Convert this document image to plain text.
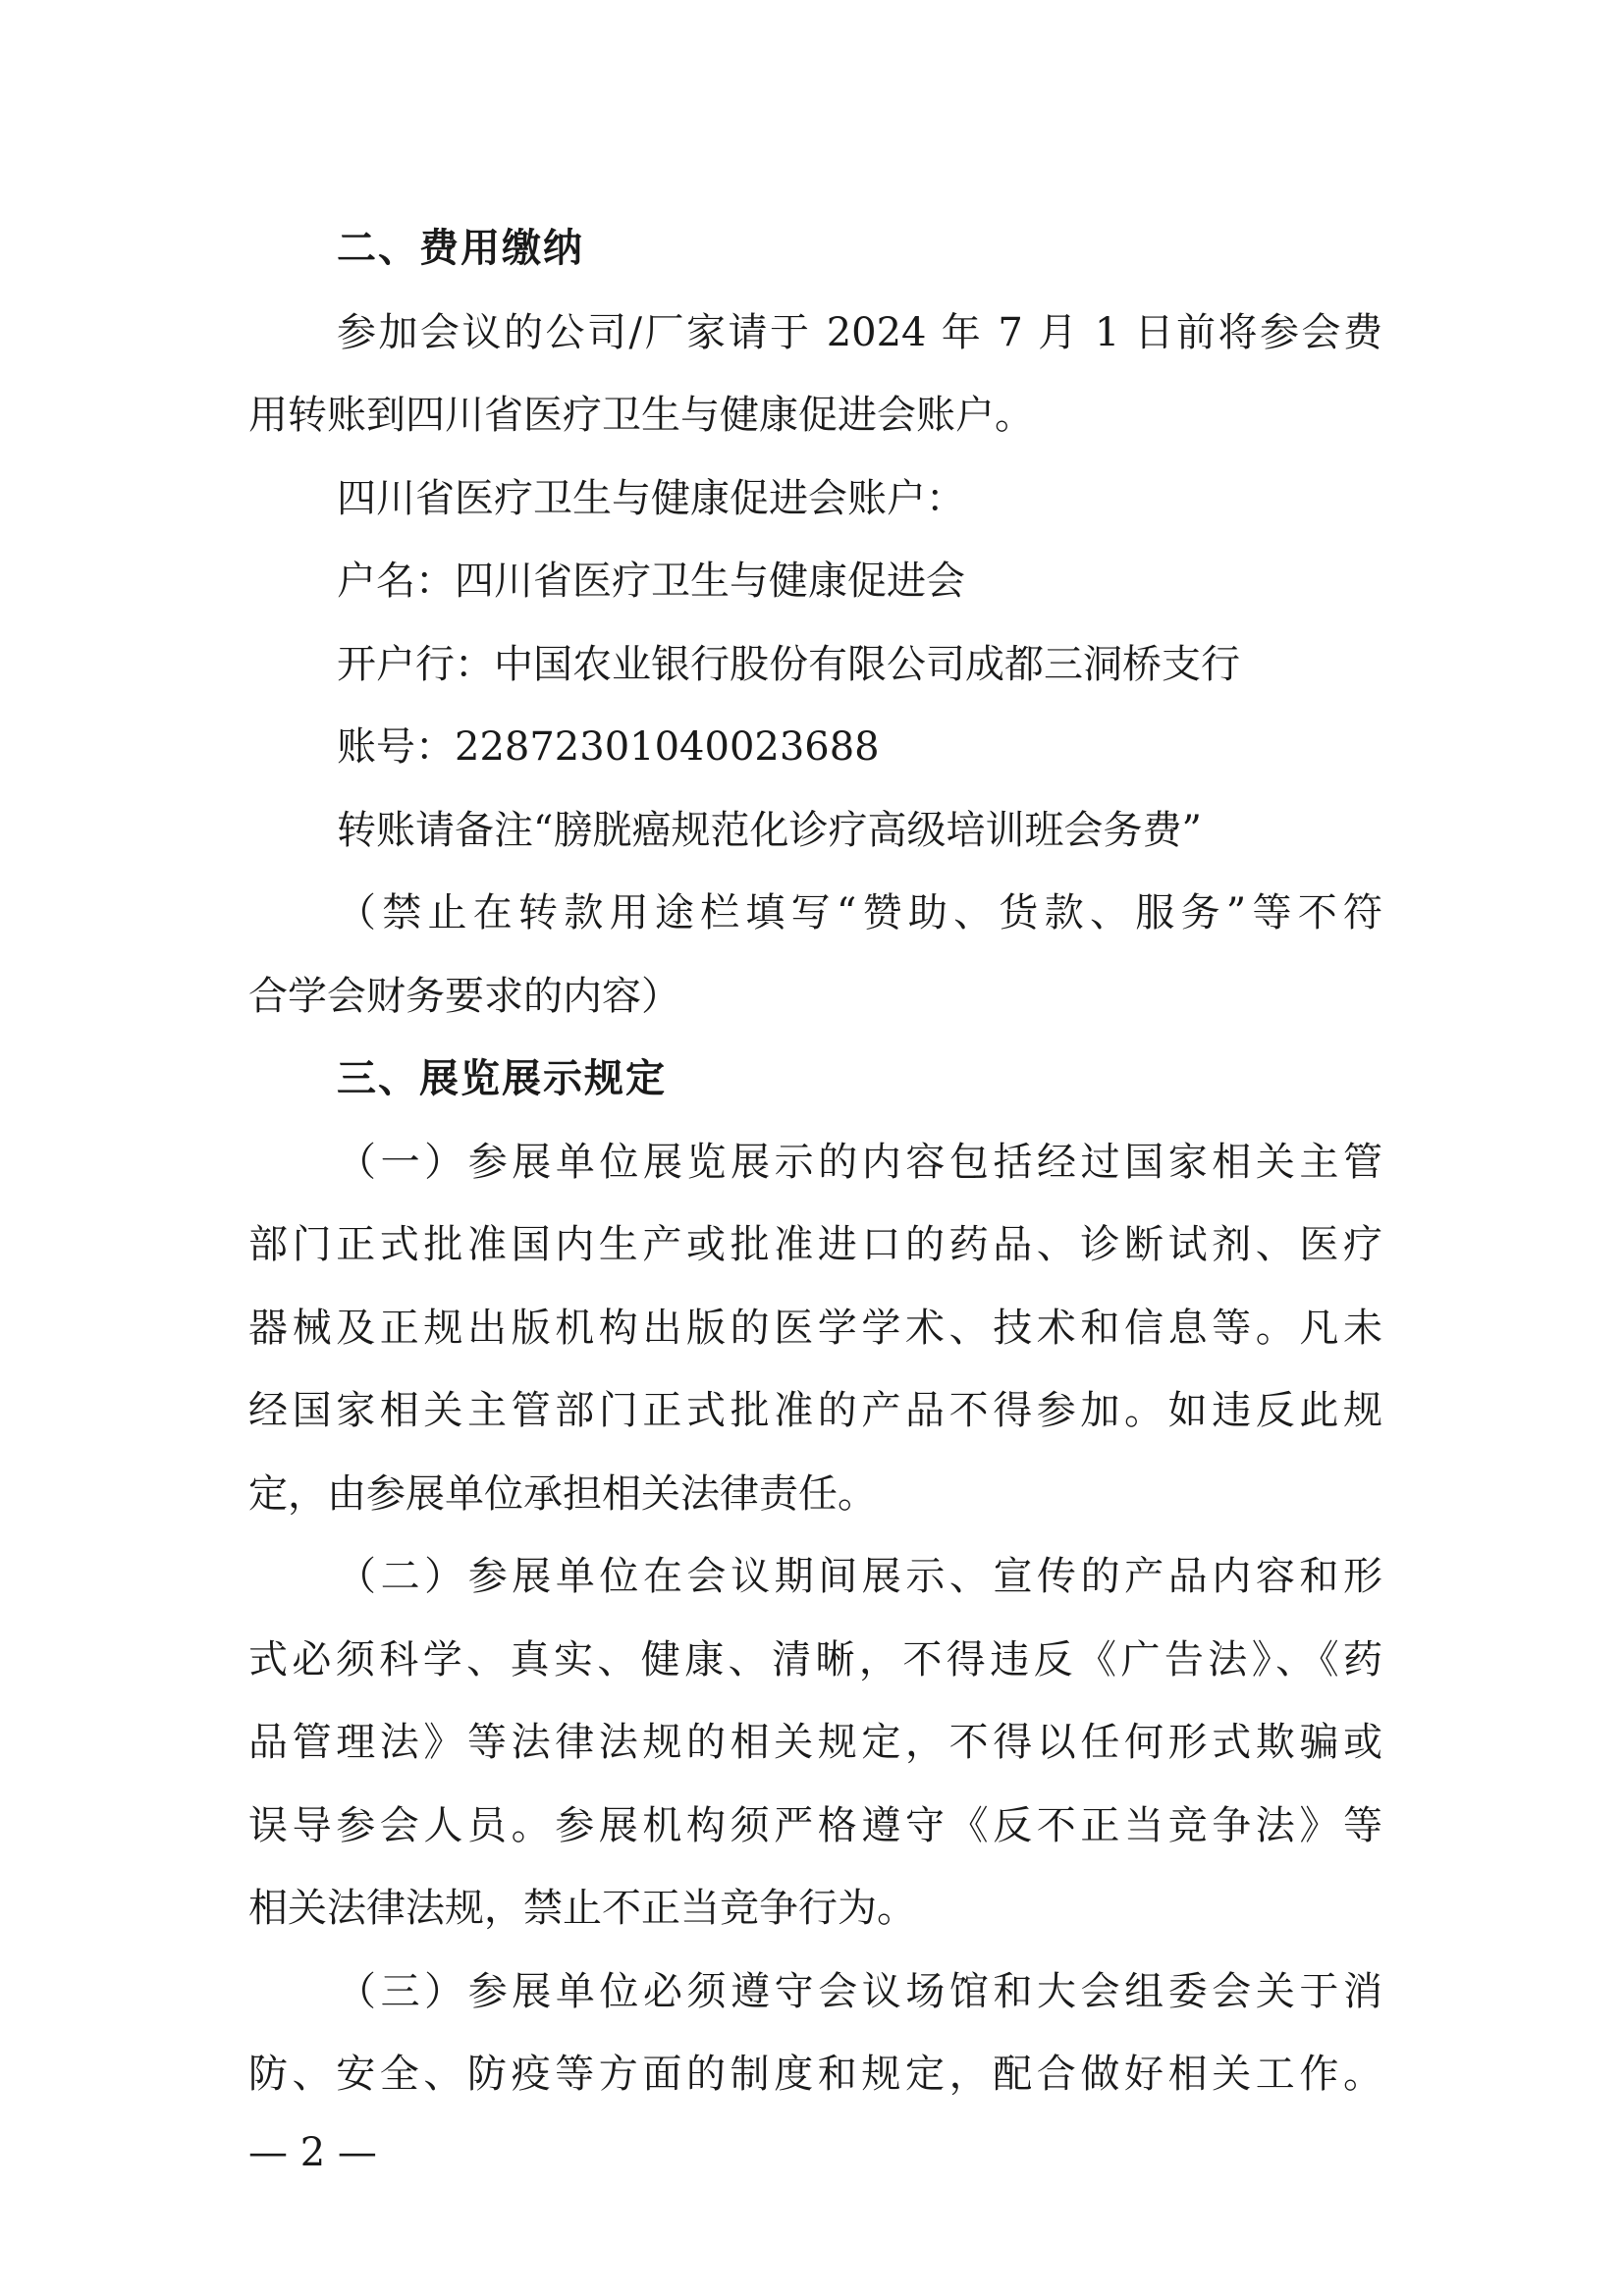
二、费用缴纳

参加会议的公司/厂家请于 2024 年 7 月 1 日前将参会费

用转账到四川省医疗卫生与健康促进会账户。

四川省医疗卫生与健康促进会账户：

户名：四川省医疗卫生与健康促进会

开户行：中国农业银行股份有限公司成都三洞桥支行

账号：22872301040023688

转账请备注“膀胱癌规范化诊疗高级培训班会务费”

（禁止在转款用途栏填写“赞助、货款、服务”等不符

合学会财务要求的内容）

三、展览展示规定

（一）参展单位展览展示的内容包括经过国家相关主管

部门正式批准国内生产或批准进口的药品、诊断试剂、医疗

器械及正规出版机构出版的医学学术、技术和信息等。凡未

经国家相关主管部门正式批准的产品不得参加。如违反此规

定，由参展单位承担相关法律责任。

（二）参展单位在会议期间展示、宣传的产品内容和形

式必须科学、真实、健康、清晰，不得违反《广告法》、《药

品管理法》等法律法规的相关规定，不得以任何形式欺骗或

误导参会人员。参展机构须严格遵守《反不正当竞争法》等

相关法律法规，禁止不正当竞争行为。

（三）参展单位必须遵守会议场馆和大会组委会关于消

防、安全、防疫等方面的制度和规定，配合做好相关工作。

— 2 —
